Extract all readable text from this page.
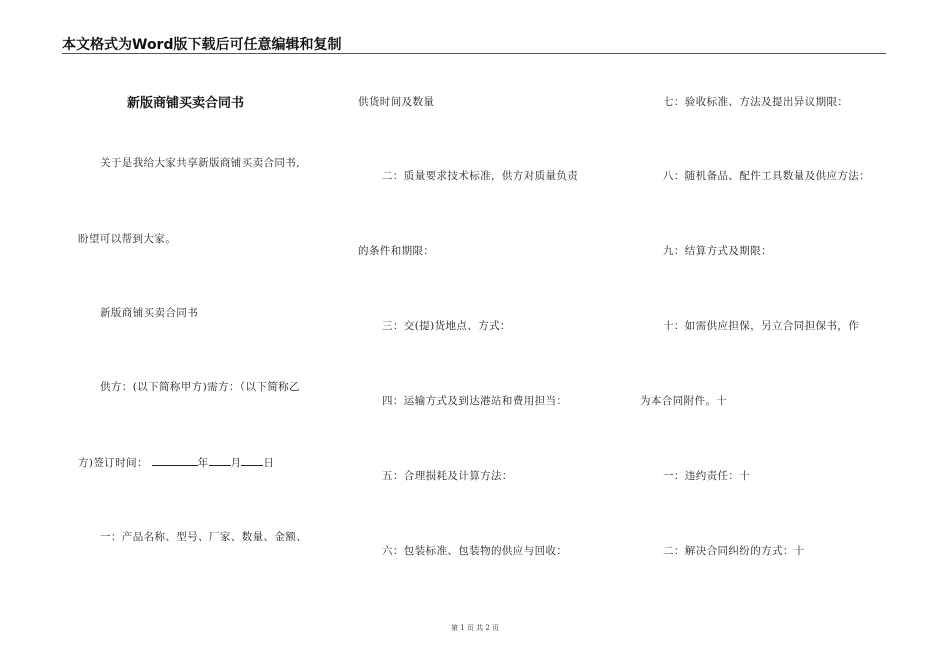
本文格式为Word版下载后可任意编辑和复制
新版商铺买卖合同书
关于是我给大家共享新版商铺买卖合同书,
盼望可以帮到大家。
新版商铺买卖合同书
供方：(以下简称甲方)需方：（以下简称乙
方)签订时间：	年 月 日
一：产品名称、型号、厂家、数量、金额、
供货时间及数量
二：质量要求技术标准，供方对质量负责
的条件和期限：
三：交(提)货地点、方式：
四：运输方式及到达港站和费用担当：
五：合理损耗及计算方法：
六：包装标准、包装物的供应与回收：
七：验收标准、方法及提出异议期限：
八：随机备品、配件工具数量及供应方法：
九：结算方式及期限：
十：如需供应担保，另立合同担保书，作
为本合同附件。十
一：违约责任：十
二：解决合同纠纷的方式：十
第 1 页 共 2 页
